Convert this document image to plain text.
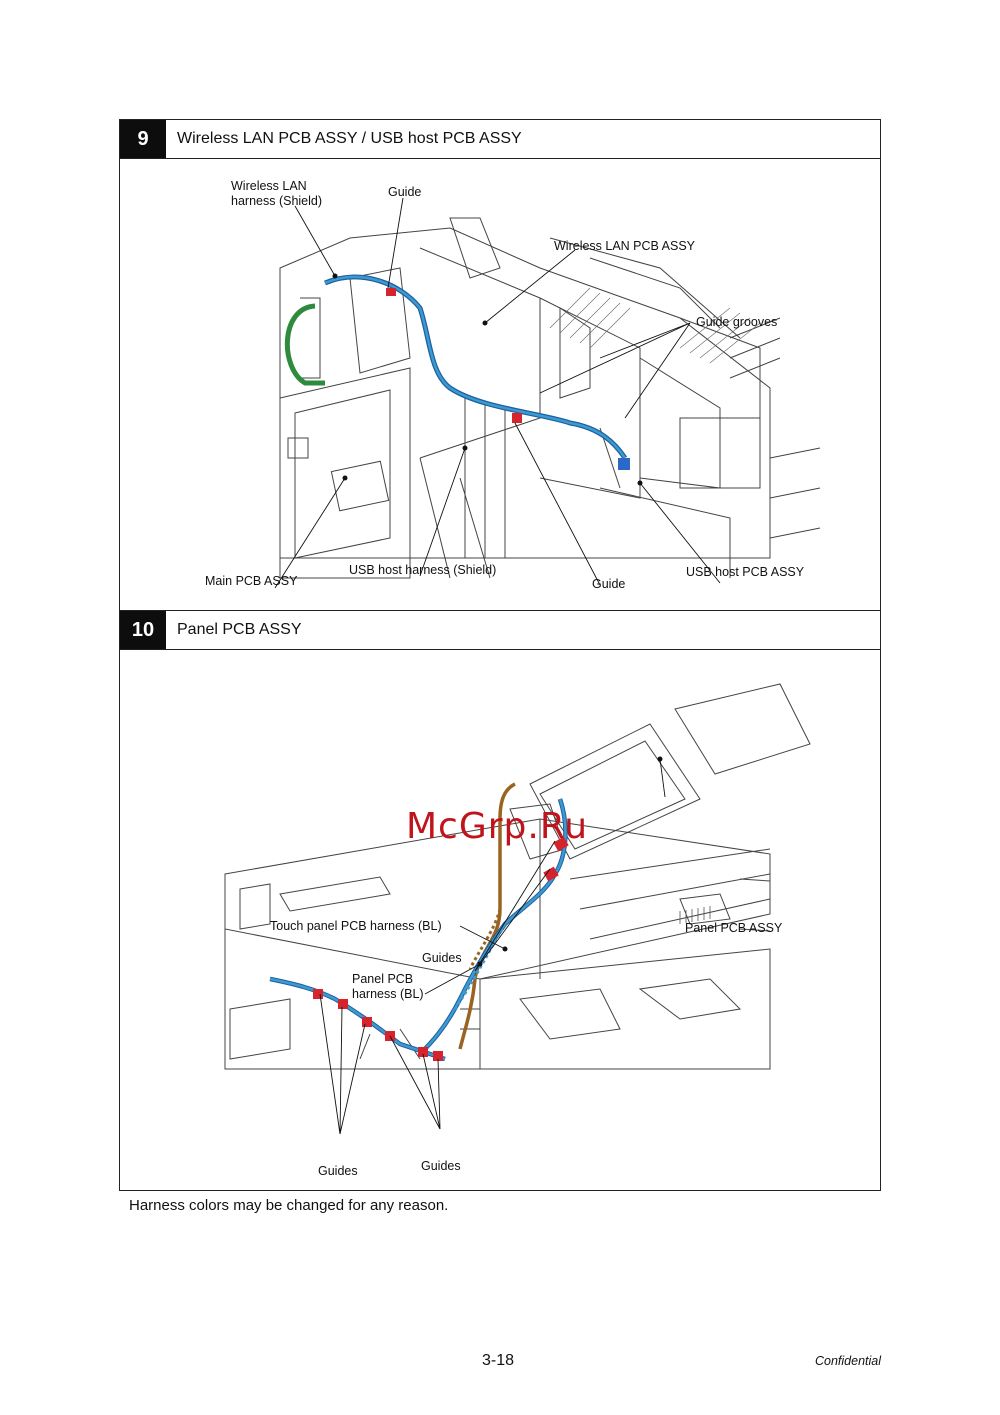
9	Wireless LAN PCB ASSY / USB host PCB ASSY
Wireless LAN
harness (Shield)
Guide
Wireless LAN PCB ASSY
Guide grooves
Main PCB ASSY
USB host harness (Shield)
Guide
USB host PCB ASSY
10	Panel PCB ASSY
McGrp.Ru
Touch panel PCB harness (BL)	Panel PCB ASSY
Guides
Panel PCB
harness (BL)
Guides	Guides
Harness colors may be changed for any reason.
3-18	Confidential
